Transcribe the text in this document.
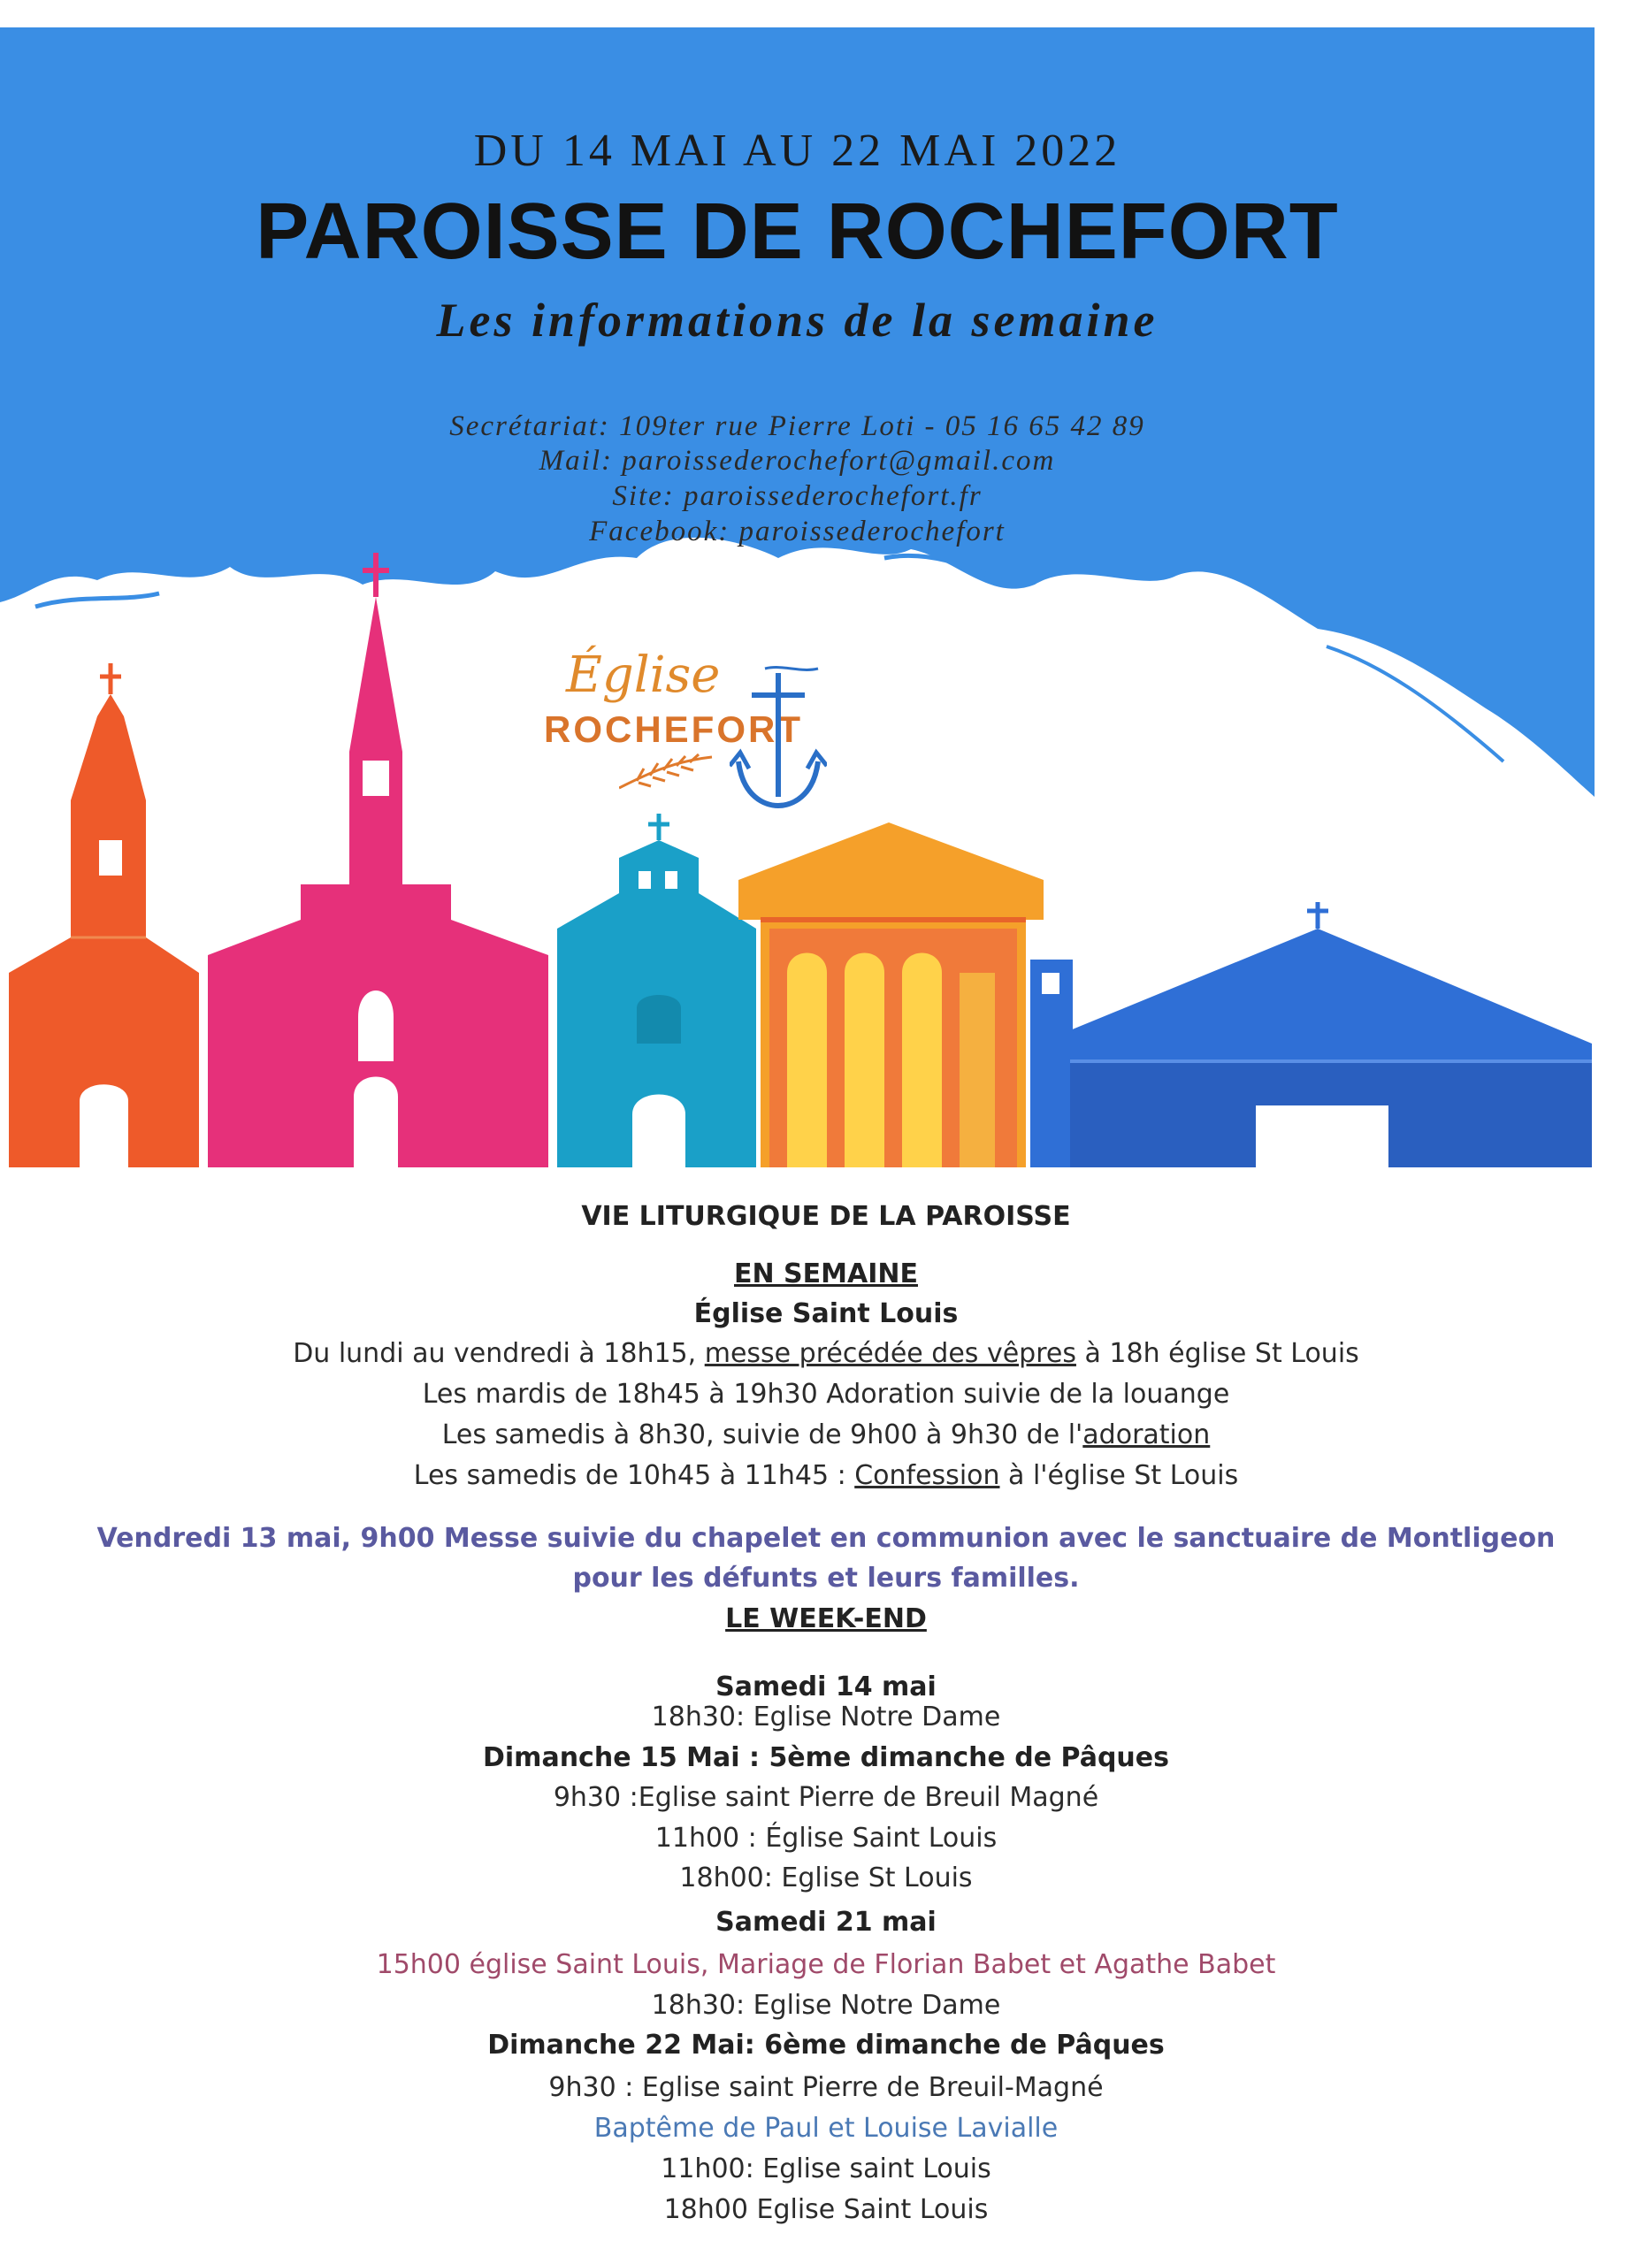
DU 14 MAI AU 22 MAI 2022
PAROISSE DE ROCHEFORT
Les informations de la semaine
Secrétariat: 109ter rue Pierre Loti - 05 16 65 42 89
Mail: paroissederochefort@gmail.com
Site: paroissederochefort.fr
Facebook: paroissederochefort
Église
ROCHEFORT
VIE LITURGIQUE DE LA PAROISSE
EN SEMAINE
Église Saint Louis
Du lundi au vendredi à 18h15, messe précédée des vêpres à 18h église St Louis
Les mardis de 18h45 à 19h30 Adoration suivie de la louange
Les samedis à 8h30, suivie de 9h00 à 9h30 de l'adoration
Les samedis de 10h45 à 11h45 : Confession à l'église St Louis
Vendredi 13 mai, 9h00 Messe suivie du chapelet en communion avec le sanctuaire de Montligeon
pour les défunts et leurs familles.
LE WEEK-END
Samedi 14 mai
18h30: Eglise Notre Dame
Dimanche 15 Mai : 5ème dimanche de Pâques
9h30 :Eglise saint Pierre de Breuil Magné
11h00 : Église Saint Louis
18h00: Eglise St Louis
Samedi 21 mai
15h00 église Saint Louis, Mariage de Florian Babet et Agathe Babet
18h30: Eglise Notre Dame
Dimanche 22 Mai: 6ème dimanche de Pâques
9h30 : Eglise saint Pierre de Breuil-Magné
Baptême de Paul et Louise Lavialle
11h00: Eglise saint Louis
18h00 Eglise Saint Louis
